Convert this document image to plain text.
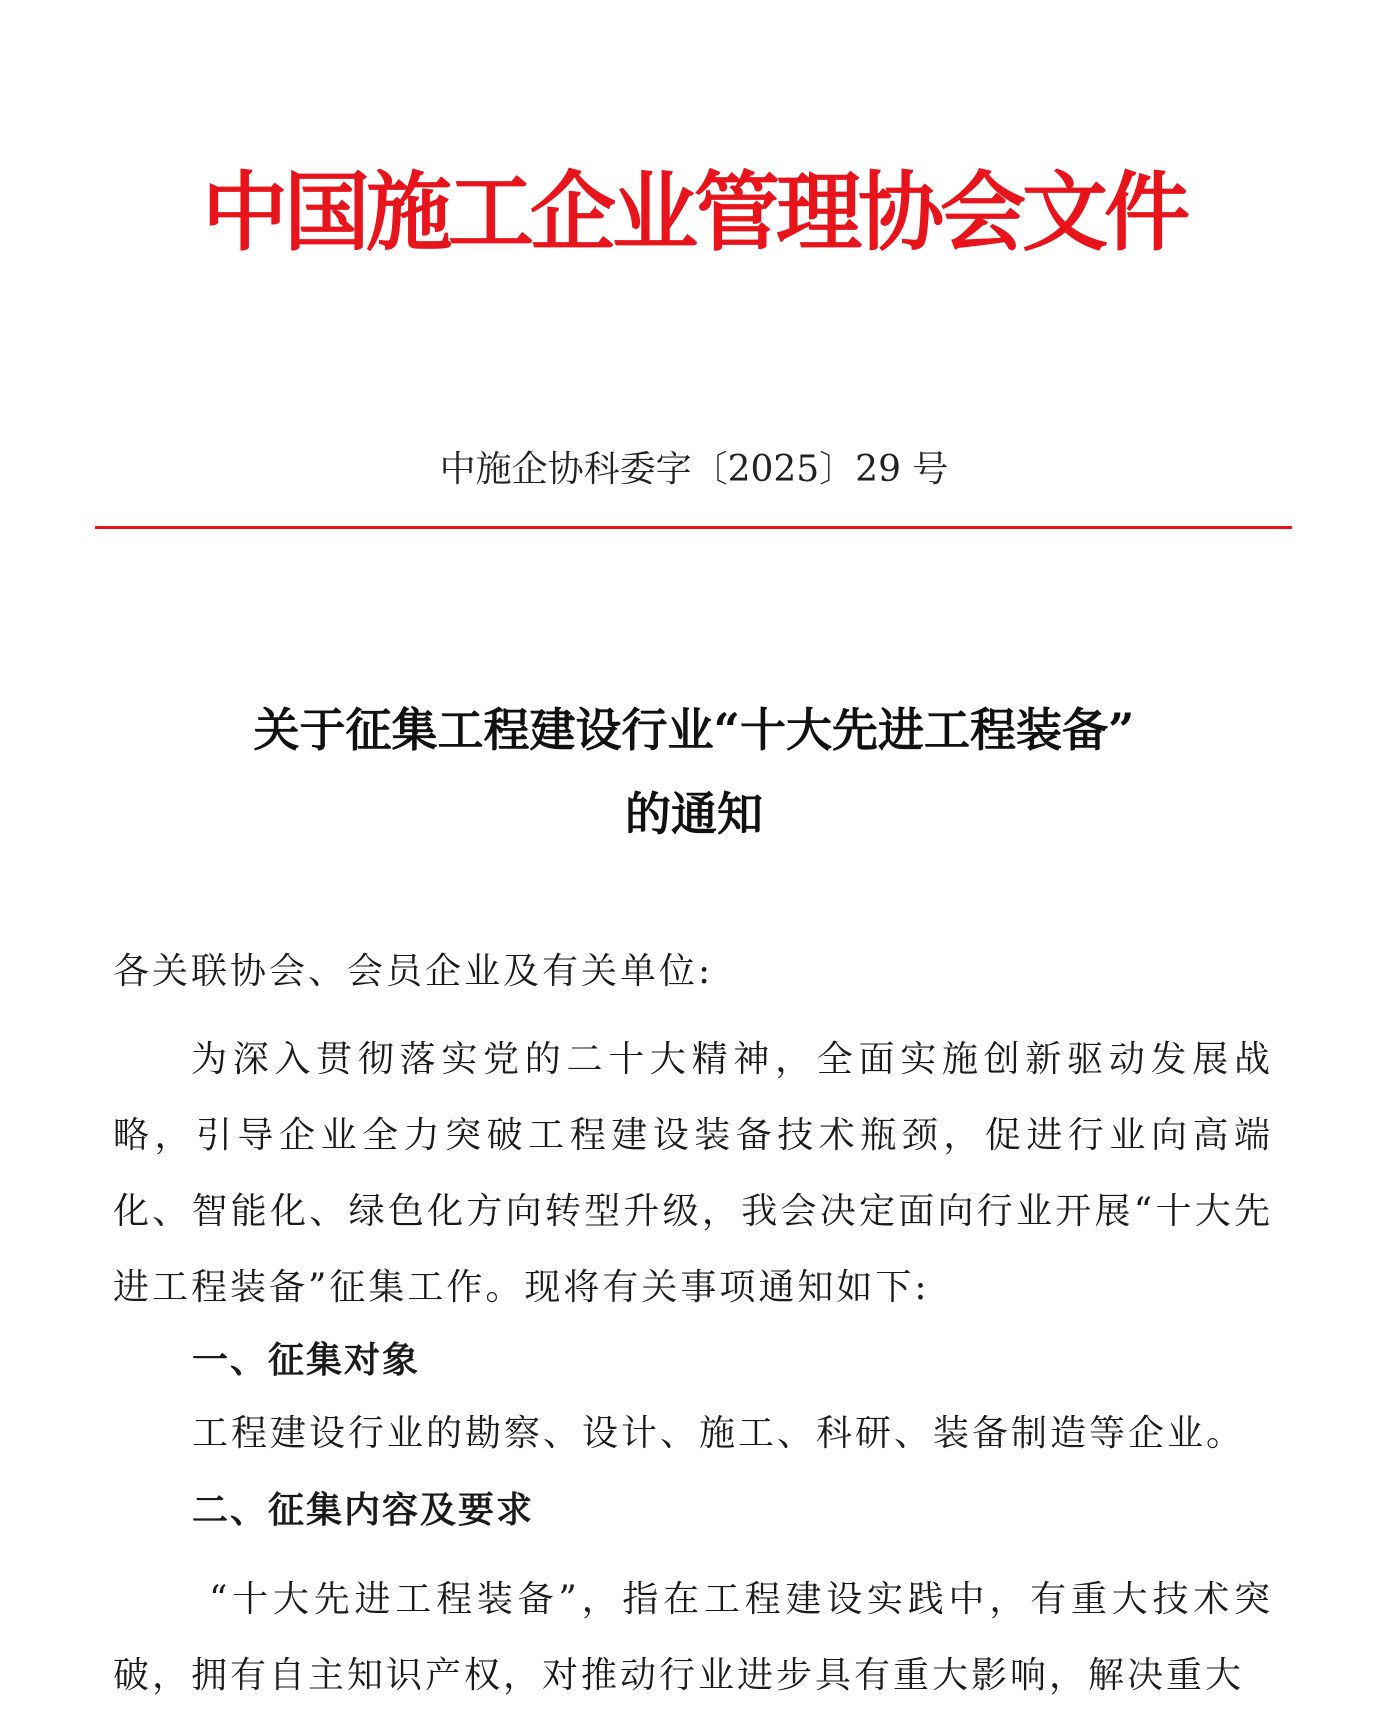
中国施工企业管理协会文件
中施企协科委字〔2025〕29 号
关于征集工程建设行业“十大先进工程装备”
的通知
各关联协会、会员企业及有关单位:
为深入贯彻落实党的二十大精神，全面实施创新驱动发展战略，引导企业全力突破工程建设装备技术瓶颈，促进行业向高端化、智能化、绿色化方向转型升级，我会决定面向行业开展“十大先进工程装备”征集工作。现将有关事项通知如下:
一、征集对象
工程建设行业的勘察、设计、施工、科研、装备制造等企业。
二、征集内容及要求
“十大先进工程装备”，指在工程建设实践中，有重大技术突破，拥有自主知识产权，对推动行业进步具有重大影响，解决重大
